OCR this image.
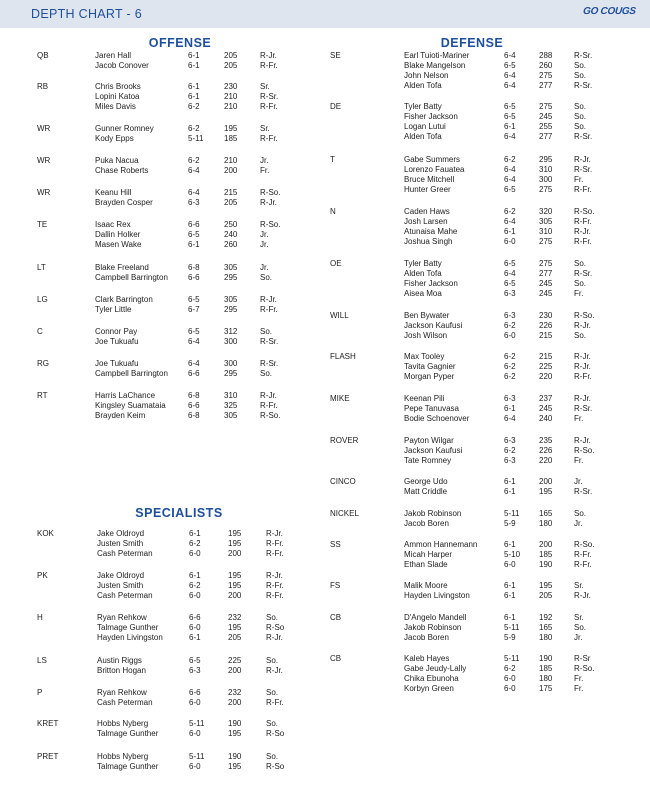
DEPTH CHART - 6	GO COUGS
OFFENSE	DEFENSE
SPECIALISTS
QB	Jaren Hall	6-1	205	R-Jr.
Jacob Conover	6-1	205	R-Fr.
RB	Chris Brooks	6-1	230	Sr.
Lopini Katoa	6-1	210	R-Sr.
Miles Davis	6-2	210	R-Fr.
WR	Gunner Romney	6-2	195	Sr.
Kody Epps	5-11	185	R-Fr.
WR	Puka Nacua	6-2	210	Jr.
Chase Roberts	6-4	200	Fr.
WR	Keanu Hill	6-4	215	R-So.
Brayden Cosper	6-3	205	R-Jr.
TE	Isaac Rex	6-6	250	R-So.
Dallin Holker	6-5	240	Jr.
Masen Wake	6-1	260	Jr.
LT	Blake Freeland	6-8	305	Jr.
Campbell Barrington	6-6	295	So.
LG	Clark Barrington	6-5	305	R-Jr.
Tyler Little	6-7	295	R-Fr.
C	Connor Pay	6-5	312	So.
Joe Tukuafu	6-4	300	R-Sr.
RG	Joe Tukuafu	6-4	300	R-Sr.
Campbell Barrington	6-6	295	So.
RT	Harris LaChance	6-8	310	R-Jr.
Kingsley Suamataia	6-6	325	R-Fr.
Brayden Keim	6-8	305	R-So.
KOK	Jake Oldroyd	6-1	195	R-Jr.
Justen Smith	6-2	195	R-Fr.
Cash Peterman	6-0	200	R-Fr.
PK	Jake Oldroyd	6-1	195	R-Jr.
Justen Smith	6-2	195	R-Fr.
Cash Peterman	6-0	200	R-Fr.
H	Ryan Rehkow	6-6	232	So.
Talmage Gunther	6-0	195	R-So
Hayden Livingston	6-1	205	R-Jr.
LS	Austin Riggs	6-5	225	So.
Britton Hogan	6-3	200	R-Jr.
P	Ryan Rehkow	6-6	232	So.
Cash Peterman	6-0	200	R-Fr.
KRET	Hobbs Nyberg	5-11	190	So.
Talmage Gunther	6-0	195	R-So
PRET	Hobbs Nyberg	5-11	190	So.
Talmage Gunther	6-0	195	R-So
SE	Earl Tuioti-Mariner	6-4	288	R-Sr.
Blake Mangelson	6-5	260	So.
John Nelson	6-4	275	So.
Alden Tofa	6-4	277	R-Sr.
DE	Tyler Batty	6-5	275	So.
Fisher Jackson	6-5	245	So.
Logan Lutui	6-1	255	So.
Alden Tofa	6-4	277	R-Sr.
T	Gabe Summers	6-2	295	R-Jr.
Lorenzo Fauatea	6-4	310	R-Sr.
Bruce Mitchell	6-4	300	Fr.
Hunter Greer	6-5	275	R-Fr.
N	Caden Haws	6-2	320	R-So.
Josh Larsen	6-4	305	R-Fr.
Atunaisa Mahe	6-1	310	R-Jr.
Joshua Singh	6-0	275	R-Fr.
OE	Tyler Batty	6-5	275	So.
Alden Tofa	6-4	277	R-Sr.
Fisher Jackson	6-5	245	So.
Aisea Moa	6-3	245	Fr.
WILL	Ben Bywater	6-3	230	R-So.
Jackson Kaufusi	6-2	226	R-Jr.
Josh Wilson	6-0	215	So.
FLASH	Max Tooley	6-2	215	R-Jr.
Tavita Gagnier	6-2	225	R-Jr.
Morgan Pyper	6-2	220	R-Fr.
MIKE	Keenan Pili	6-3	237	R-Jr.
Pepe Tanuvasa	6-1	245	R-Sr.
Bodie Schoenover	6-4	240	Fr.
ROVER	Payton Wilgar	6-3	235	R-Jr.
Jackson Kaufusi	6-2	226	R-So.
Tate Romney	6-3	220	Fr.
CINCO	George Udo	6-1	200	Jr.
Matt Criddle	6-1	195	R-Sr.
NICKEL	Jakob Robinson	5-11 165	So.
Jacob Boren	5-9	180	Jr.
SS	Ammon Hannemann	6-1	200	R-So.
Micah Harper	5-10 185	R-Fr.
Ethan Slade	6-0	190	R-Fr.
FS	Malik Moore	6-1	195	Sr.
Hayden Livingston	6-1	205	R-Jr.
CB	D'Angelo Mandell	6-1	192	Sr.
Jakob Robinson	5-11 165	So.
Jacob Boren	5-9	180	Jr.
CB	Kaleb Hayes	5-11 190	R-Sr
Gabe Jeudy-Lally	6-2	185	R-So.
Chika Ebunoha	6-0	180	Fr.
Korbyn Green	6-0	175	Fr.
